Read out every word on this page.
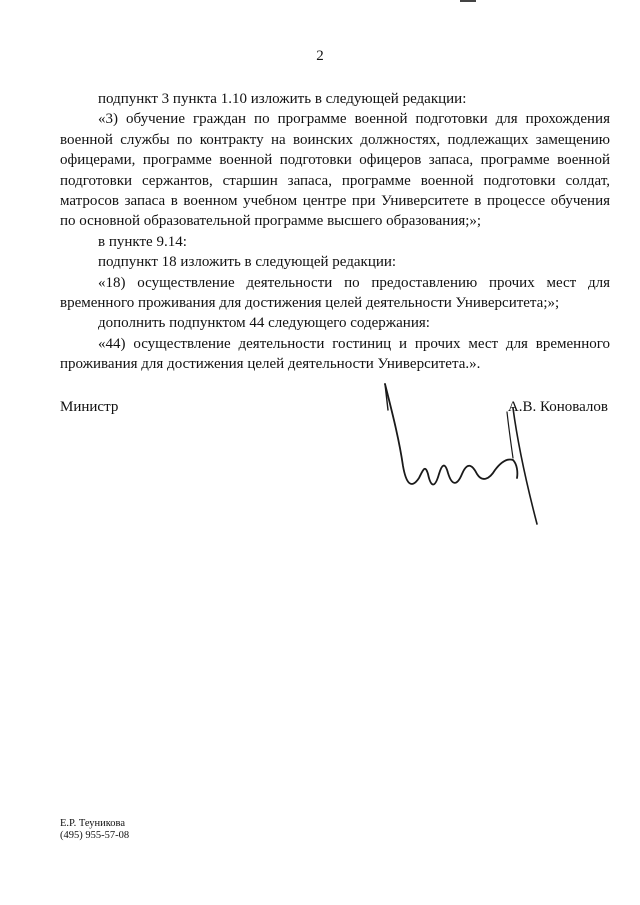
2

подпункт 3 пункта 1.10 изложить в следующей редакции:

«3) обучение граждан по программе военной подготовки для прохождения военной службы по контракту на воинских должностях, подлежащих замещению офицерами, программе военной подготовки офицеров запаса, программе военной подготовки сержантов, старшин запаса, программе военной подготовки солдат, матросов запаса в военном учебном центре при Университете в процессе обучения по основной образовательной программе высшего образования;»;

в пункте 9.14:

подпункт 18 изложить в следующей редакции:

«18) осуществление деятельности по предоставлению прочих мест для временного проживания для достижения целей деятельности Университета;»;

дополнить подпунктом 44 следующего содержания:

«44) осуществление деятельности гостиниц и прочих мест для временного проживания для достижения целей деятельности Университета.».

Министр	А.В. Коновалов
Е.Р. Теуникова
(495) 955-57-08
